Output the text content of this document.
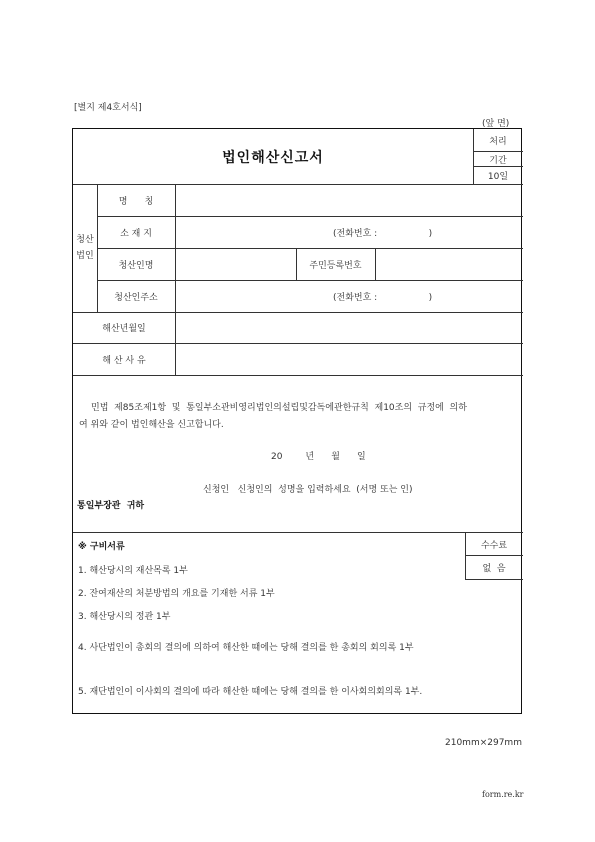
[별지 제4호서식]
(앞 면)
법인해산신고서
처리
기간
10일
청산
법인
명      칭
소 재 지	(전화번호 :                  )
청산인명	주민등록번호
청산인주소	(전화번호 :                  )
해산년월일
해 산 사 유
민법  제85조제1항  및  통일부소관비영리법인의설립및감독에관한규칙  제10조의  규정에  의하
여 위와 같이 법인해산을 신고합니다.
20        년      월      일
신청인   신청인의  성명을 입력하세요  (서명 또는 인)
통일부장관  귀하
※ 구비서류	수수료
없  음
1. 해산당시의 재산목록 1부
2. 잔여재산의 처분방법의 개요를 기재한 서류 1부
3. 해산당시의 정관 1부
4. 사단법인이 총회의 결의에 의하여 해산한 때에는 당해 결의를 한 총회의 회의록 1부
5. 재단법인이 이사회의 결의에 따라 해산한 때에는 당해 결의를 한 이사회의회의록 1부.
210mm×297mm
form.re.kr
